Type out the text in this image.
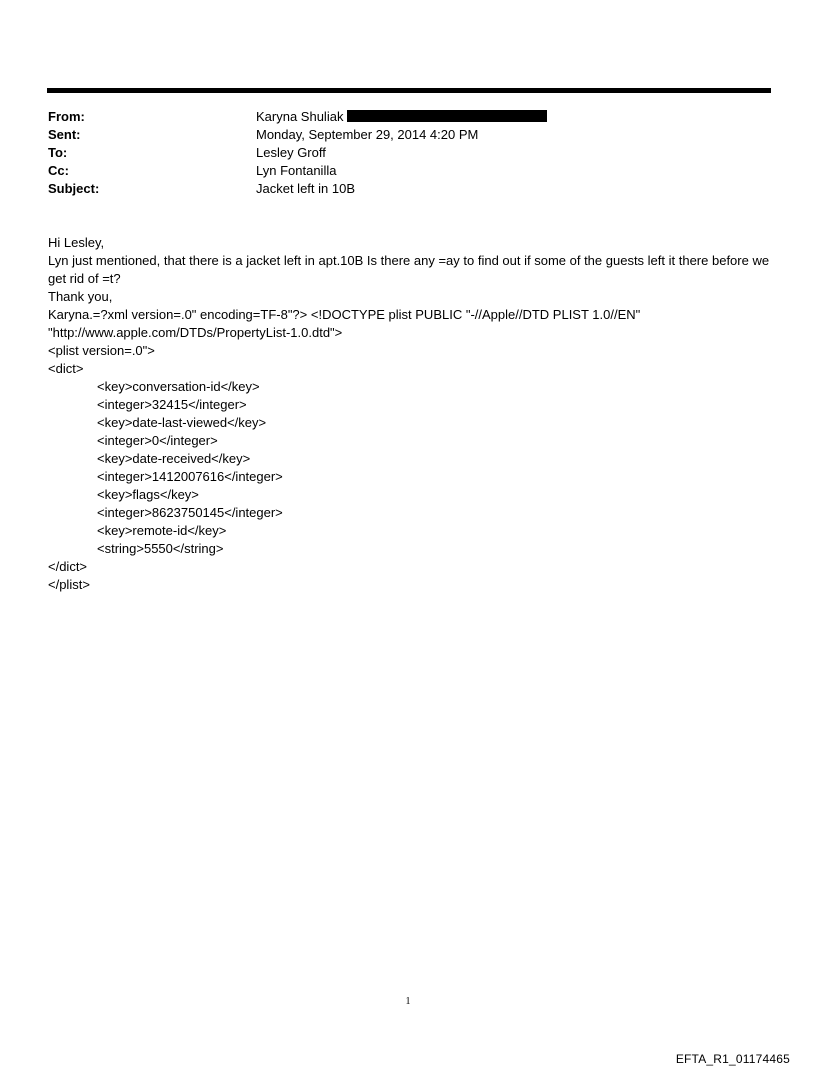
From:	Karyna Shuliak
Sent:	Monday, September 29, 2014 4:20 PM
To:	Lesley Groff
Cc:	Lyn Fontanilla
Subject:	Jacket left in 10B

Hi Lesley,

Lyn just mentioned, that there is a jacket left in apt.10B Is there any =ay to find out if some of the guests left it there before we get rid of =t?

Thank you,

Karyna.=?xml version=.0" encoding=TF-8"?> <!DOCTYPE plist PUBLIC "-//Apple//DTD PLIST 1.0//EN" "http://www.apple.com/DTDs/PropertyList-1.0.dtd">

<plist version=.0">

<dict>

<key>conversation-id</key>

<integer>32415</integer>

<key>date-last-viewed</key>

<integer>0</integer>

<key>date-received</key>

<integer>1412007616</integer>

<key>flags</key>

<integer>8623750145</integer>

<key>remote-id</key>

<string>5550</string>

</dict>

</plist>

1
EFTA_R1_01174465
